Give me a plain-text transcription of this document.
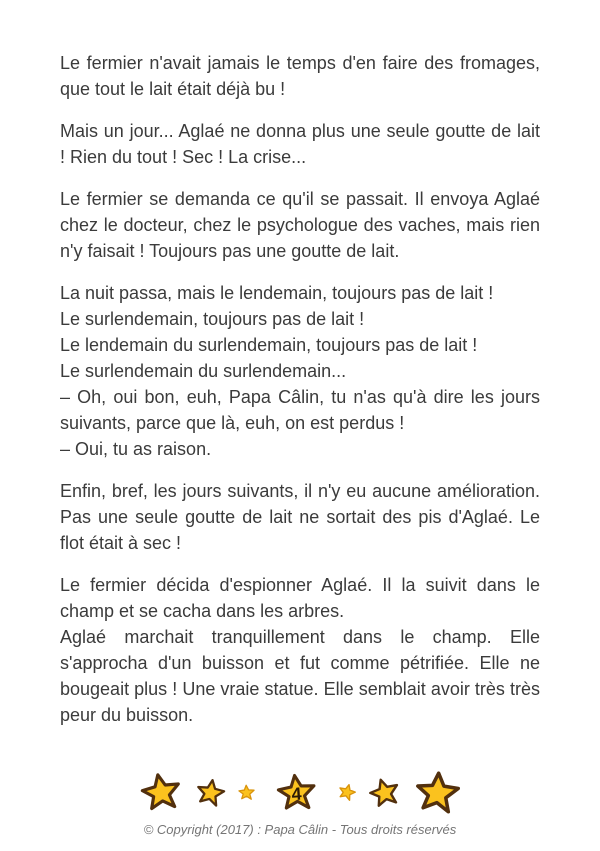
Le fermier n'avait jamais le temps d'en faire des fromages, que tout le lait était déjà bu !

Mais un jour... Aglaé ne donna plus une seule goutte de lait ! Rien du tout ! Sec ! La crise...

Le fermier se demanda ce qu'il se passait. Il envoya Aglaé chez le docteur, chez le psychologue des vaches, mais rien n'y faisait ! Toujours pas une goutte de lait.

La nuit passa, mais le lendemain, toujours pas de lait !
Le surlendemain, toujours pas de lait !
Le lendemain du surlendemain, toujours pas de lait !
Le surlendemain du surlendemain...
– Oh, oui bon, euh, Papa Câlin, tu n'as qu'à dire les jours suivants, parce que là, euh, on est perdus !
– Oui, tu as raison.

Enfin, bref, les jours suivants, il n'y eu aucune amélioration. Pas une seule goutte de lait ne sortait des pis d'Aglaé. Le flot était à sec !

Le fermier décida d'espionner Aglaé. Il la suivit dans le champ et se cacha dans les arbres.
Aglaé marchait tranquillement dans le champ. Elle s'approcha d'un buisson et fut comme pétrifiée. Elle ne bougeait plus ! Une vraie statue. Elle semblait avoir très très peur du buisson.
4
© Copyright (2017) : Papa Câlin - Tous droits réservés
